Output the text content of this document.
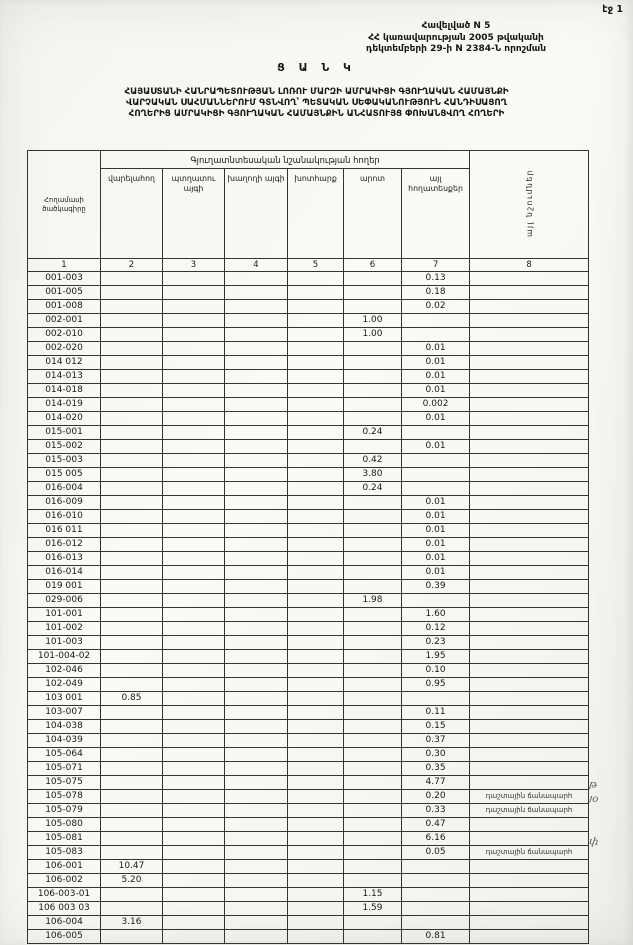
էջ 1
Հավելված N 5
ՀՀ կառավարության 2005 թվականի
դեկտեմբերի 29-ի N 2384-Ն որոշման
Ց Ա Ն Կ
ՀԱՅԱՍՏԱՆԻ ՀԱՆՐԱՊԵՏՈՒԹՅԱՆ ԼՈՌՈՒ ՄԱՐԶԻ ԱՄՐԱԿԻՑԻ ԳՅՈՒՂԱԿԱՆ ՀԱՄԱՅՆՔԻ
ՎԱՐՉԱԿԱՆ ՍԱՀՄԱՆՆԵՐՈՒՄ ԳՏՆՎՈՂ՝ ՊԵՏԱԿԱՆ ՍԵՓԱԿԱՆՈՒԹՅՈՒՆ ՀԱՆԴԻՍԱՑՈՂ
ՀՈՂԵՐԻՑ ԱՄՐԱԿԻՑԻ ԳՅՈՒՂԱԿԱՆ ՀԱՄԱՅՆՔԻՆ ԱՆՀԱՏՈՒՅՑ ՓՈԽԱՆՑՎՈՂ ՀՈՂԵՐԻ
Հողամասի ծածկագիրը	Գյուղատնտեսական նշանակության հողեր						այլ նշումներ
	վարելահող	պտղատու այգի	խաղողի այգի	խոտհարք	արոտ	այլ հողատեսքեր	
1	2	3	4	5	6	7	8
001-003						0.13	
001-005						0.18	
001-008						0.02	
002-001					1.00		
002-010					1.00		
002-020						0.01	
014 012						0.01	
014-013						0.01	
014-018						0.01	
014-019						0.002	
014-020						0.01	
015-001					0.24		
015-002						0.01	
015-003					0.42		
015 005					3.80		
016-004					0.24		
016-009						0.01	
016-010						0.01	
016 011						0.01	
016-012						0.01	
016-013						0.01	
016-014						0.01	
019 001						0.39	
029-006					1.98		
101-001						1.60	
101-002						0.12	
101-003						0.23	
101-004-02						1.95	
102-046						0.10	
102-049						0.95	
103 001	0.85						
103-007						0.11	
104-038						0.15	
104-039						0.37	
105-064						0.30	
105-071						0.35	
105-075						4.77	
105-078						0.20	դաշտային ճանապարհ
105-079						0.33	դաշտային ճանապարհ
105-080						0.47	
105-081						6.16	
105-083						0.05	դաշտային ճանապարհ
106-001	10.47						
106-002	5.20						
106-003-01					1.15		
106 003 03					1.59		
106-004	3.16						
106-005						0.81	
թ
յօ
փ
